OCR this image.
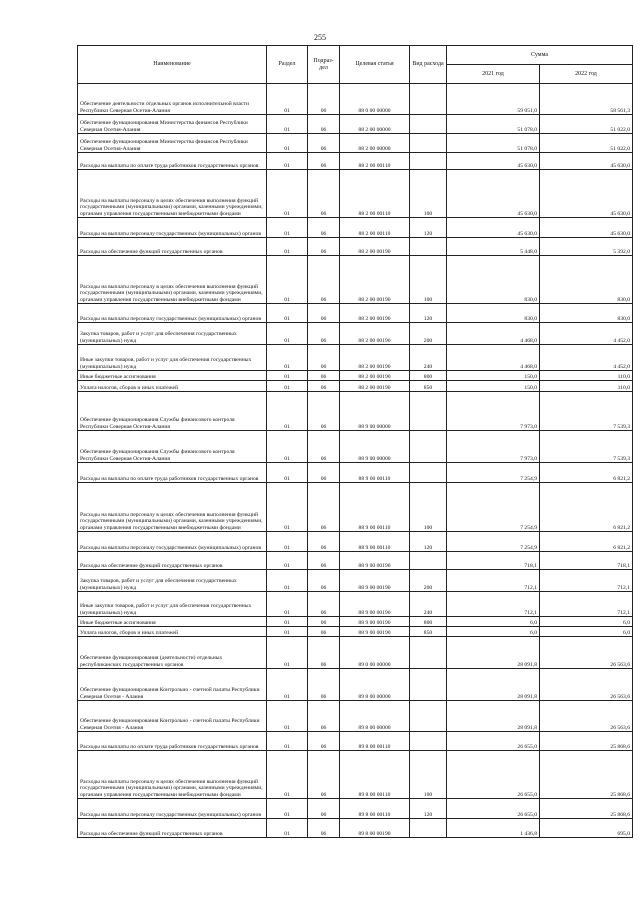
255
Наименование	Раздел	Подраз-дел	Целевая статья	Вид расхода	Сумма	
					2021 год	2022 год
Обеспечение деятельности отдельных органов исполнительной власти Республики Северная Осетия-Алания	01	06	88 0 00 00000		59 051,0	58 561,3
Обеспечение функционирования Министерства финансов Республики Северная Осетия-Алания	01	06	88 2 00 00000		51 078,0	51 022,0
Обеспечение функционирования Министерства финансов Республики Северная Осетия-Алания	01	06	88 2 00 00000		51 078,0	51 022,0
Расходы на выплаты по оплате труда работников государственных органов	01	06	88 2 00 00110		45 630,0	45 630,0
Расходы на выплаты персоналу в целях обеспечения выполнения функций государственными (муниципальными) органами, казенными учреждениями, органами управления государственными внебюджетными фондами	01	06	88 2 00 00110	100	45 630,0	45 630,0
Расходы на выплаты персоналу государственных (муниципальных) органов	01	06	88 2 00 00110	120	45 630,0	45 630,0
Расходы на обеспечение функций государственных органов	01	06	88 2 00 00190		5 448,0	5 392,0
Расходы на выплаты персоналу в целях обеспечения выполнения функций государственными (муниципальными) органами, казенными учреждениями, органами управления государственными внебюджетными фондами	01	06	88 2 00 00190	100	830,0	830,0
Расходы на выплаты персоналу государственных (муниципальных) органов	01	06	88 2 00 00190	120	830,0	830,0
Закупка товаров, работ и услуг для обеспечения государственных (муниципальных) нужд	01	06	88 2 00 00190	200	4 468,0	4 452,0
Иные закупки товаров, работ и услуг для обеспечения государственных (муниципальных) нужд	01	06	88 2 00 00190	240	4 468,0	4 452,0
Иные бюджетные ассигнования	01	06	88 2 00 00190	800	150,0	110,0
Уплата налогов, сборов и иных платежей	01	06	88 2 00 00190	850	150,0	110,0
Обеспечение функционирования Службы финансового контроля Республики Северная Осетия-Алания	01	06	88 9 00 00000		7 973,0	7 539,3
Обеспечение функционирования Службы финансового контроля Республики Северная Осетия-Алания	01	06	88 9 00 00000		7 973,0	7 539,3
Расходы на выплаты по оплате труда работников государственных органов	01	06	88 9 00 00110		7 254,9	6 821,2
Расходы на выплаты персоналу в целях обеспечения выполнения функций государственными (муниципальными) органами, казенными учреждениями, органами управления государственными внебюджетными фондами	01	06	88 9 00 00110	100	7 254,9	6 821,2
Расходы на выплаты персоналу государственных (муниципальных) органов	01	06	88 9 00 00110	120	7 254,9	6 821,2
Расходы на обеспечение функций государственных органов	01	06	88 9 00 00190		718,1	718,1
Закупка товаров, работ и услуг для обеспечения государственных (муниципальных) нужд	01	06	88 9 00 00190	200	712,1	712,1
Иные закупки товаров, работ и услуг для обеспечения государственных (муниципальных) нужд	01	06	88 9 00 00190	240	712,1	712,1
Иные бюджетные ассигнования	01	06	88 9 00 00190	800	6,0	6,0
Уплата налогов, сборов и иных платежей	01	06	88 9 00 00190	850	6,0	6,0
Обеспечение функционирования (деятельности) отдельных республиканских государственных органов	01	06	89 0 00 00000		28 091,8	26 563,6
Обеспечение функционирования Контрольно - счетной палаты Республики Северная Осетия - Алания	01	06	89 8 00 00000		28 091,8	26 563,6
Обеспечение функционирования Контрольно - счетной палаты Республики Северная Осетия - Алания	01	06	89 8 00 00000		28 091,8	26 563,6
Расходы на выплаты по оплате труда работников государственных органов	01	06	89 8 00 00110		26 655,0	25 868,6
Расходы на выплаты персоналу в целях обеспечения выполнения функций государственными (муниципальными) органами, казенными учреждениями, органами управления государственными внебюджетными фондами	01	06	89 8 00 00110	100	26 655,0	25 868,6
Расходы на выплаты персоналу государственных (муниципальных) органов	01	06	89 8 00 00110	120	26 655,0	25 868,6
Расходы на обеспечение функций государственных органов	01	06	89 8 00 00190		1 436,8	695,0
